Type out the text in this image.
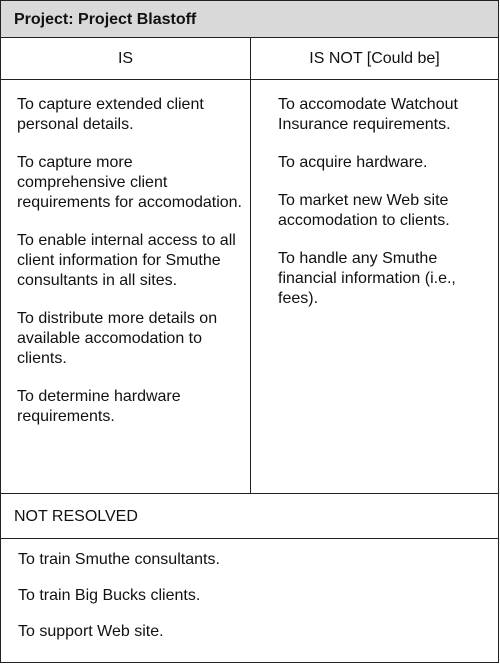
Project: Project Blastoff
IS	IS NOT [Could be]

To capture extended client personal details.

To capture more comprehensive client requirements for accomodation.

To enable internal access to all client information for Smuthe consultants in all sites.

To distribute more details on available accomodation to clients.

To determine hardware requirements.

To accomodate Watchout Insurance requirements.

To acquire hardware.

To market new Web site accomodation to clients.

To handle any Smuthe financial information (i.e., fees).

NOT RESOLVED

To train Smuthe consultants.

To train Big Bucks clients.

To support Web site.
